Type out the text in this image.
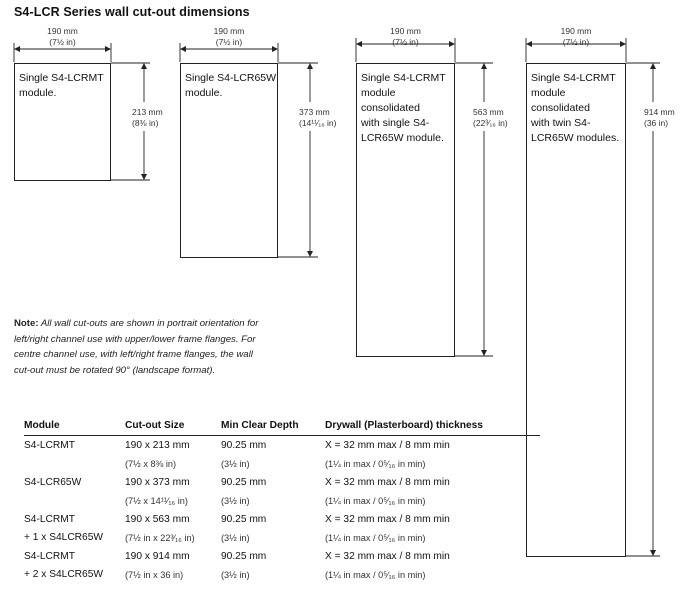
S4-LCR Series wall cut-out dimensions
190 mm
(7½ in)
Single S4-LCRMT
module.
213 mm
(8⅜ in)
190 mm
(7½ in)
Single S4-LCR65W
module.
373 mm
(14¹¹⁄₁₆ in)
190 mm
(7½ in)
Single S4-LCRMT
module consolidated
with single S4-
LCR65W module.
563 mm
(22³⁄₁₆ in)
190 mm
(7½ in)
Single S4-LCRMT
module consolidated
with twin S4-
LCR65W modules.
914 mm
(36 in)
Note: All wall cut-outs are shown in portrait orientation for
left/right channel use with upper/lower frame flanges. For
centre channel use, with left/right frame flanges, the wall
cut-out must be rotated 90° (landscape format).
Module	Cut-out Size	Min Clear Depth	Drywall (Plasterboard) thickness
S4-LCRMT	190 x 213 mm	90.25 mm	X = 32 mm max / 8 mm min
	(7½ x 8⅜ in)	(3½ in)	(1¼ in max / 0⁵⁄₁₆ in min)
S4-LCR65W	190 x 373 mm	90.25 mm	X = 32 mm max / 8 mm min
	(7½ x 14¹¹⁄₁₆ in)	(3½ in)	(1¼ in max / 0⁵⁄₁₆ in min)
S4-LCRMT	190 x 563 mm	90.25 mm	X = 32 mm max / 8 mm min
+ 1 x S4LCR65W	(7½ in x 22³⁄₁₆ in)	(3½ in)	(1¼ in max / 0⁵⁄₁₆ in min)
S4-LCRMT	190 x 914 mm	90.25 mm	X = 32 mm max / 8 mm min
+ 2 x S4LCR65W	(7½ in x 36 in)	(3½ in)	(1¼ in max / 0⁵⁄₁₆ in min)
